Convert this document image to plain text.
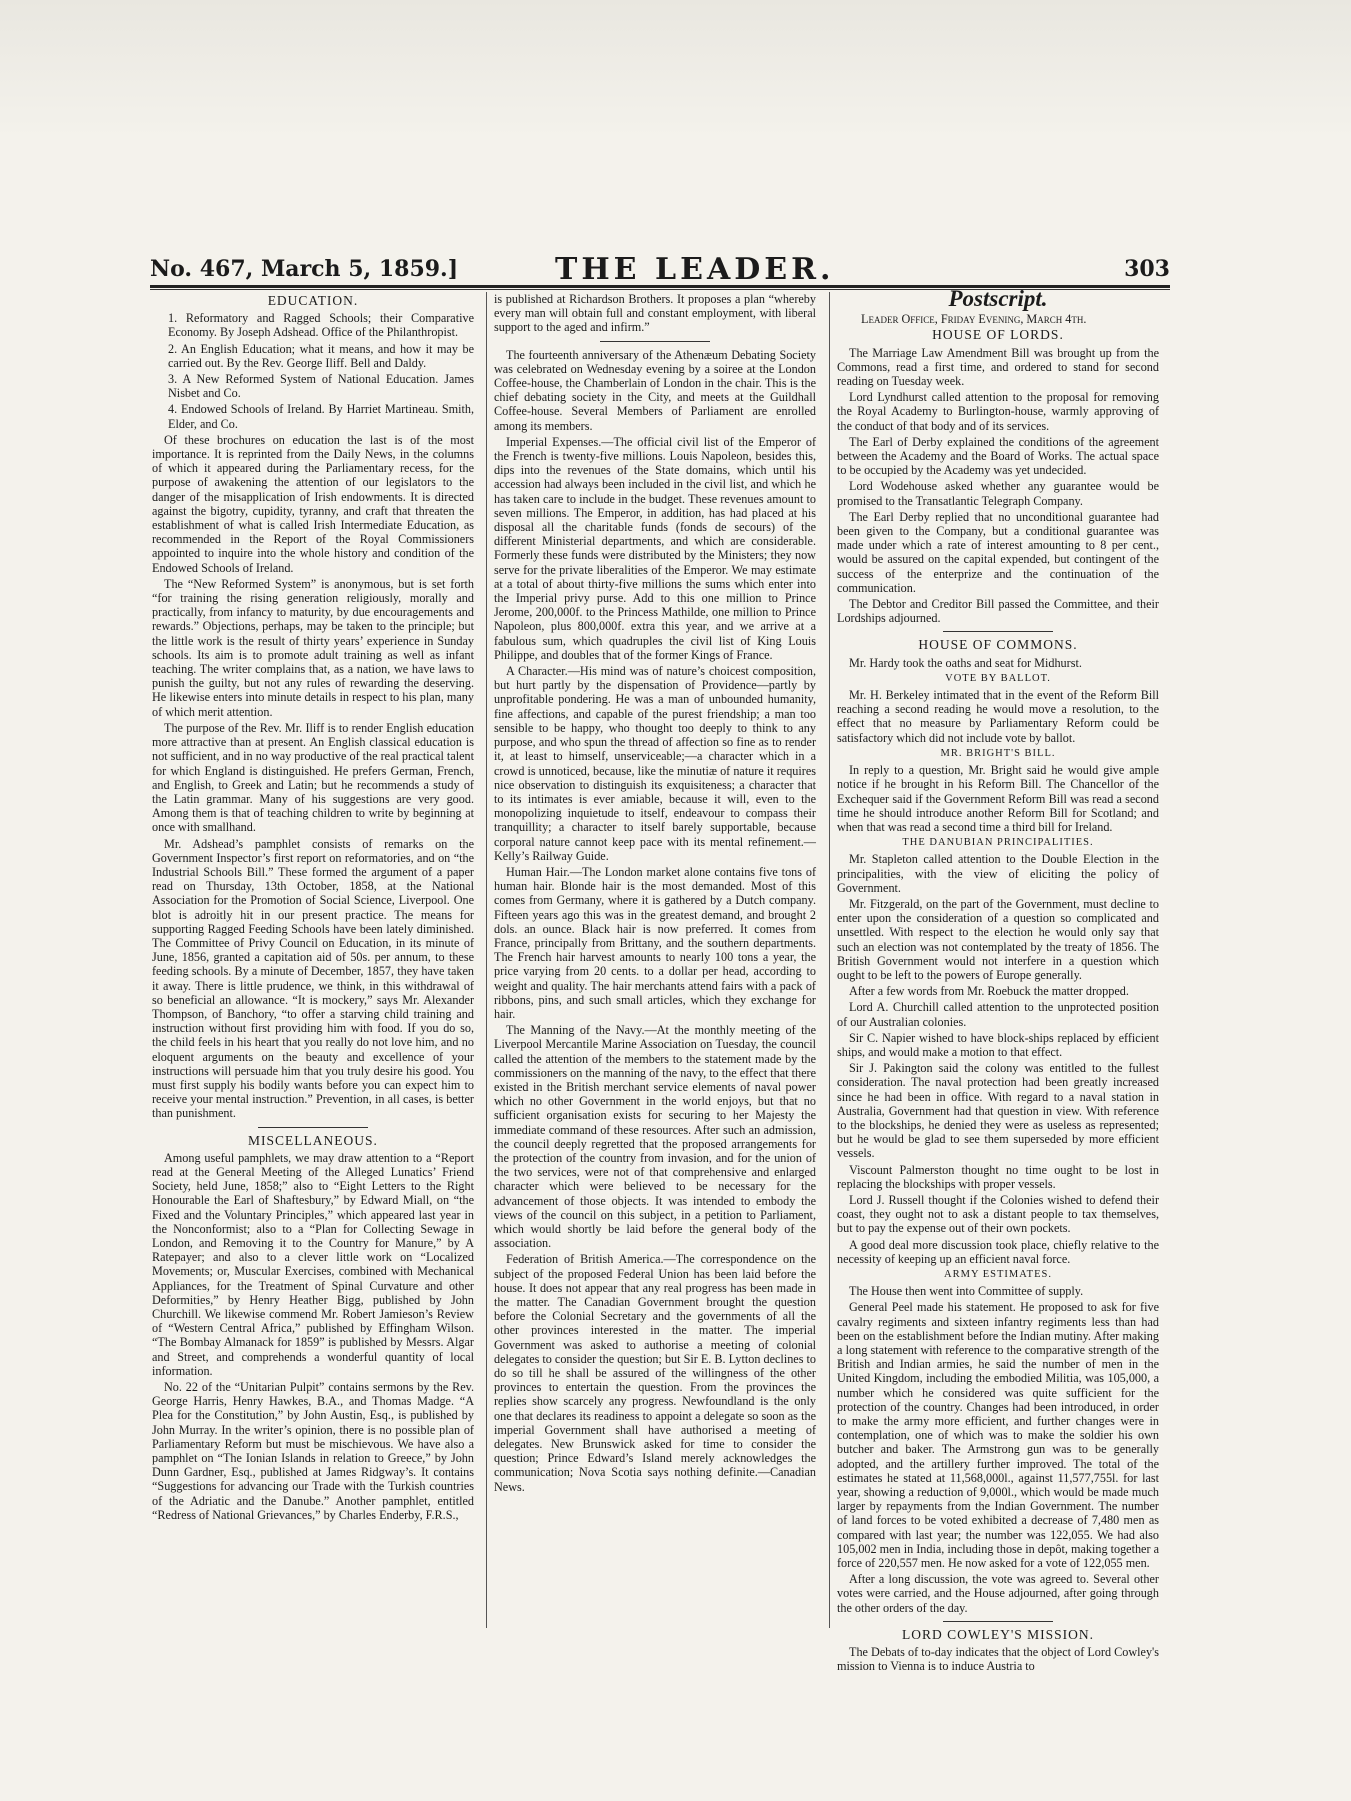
No. 467, March 5, 1859.]	THE LEADER.	303
EDUCATION.

1. Reformatory and Ragged Schools; their Comparative Economy. By Joseph Adshead. Office of the Philanthropist.

2. An English Education; what it means, and how it may be carried out. By the Rev. George Iliff. Bell and Daldy.

3. A New Reformed System of National Education. James Nisbet and Co.

4. Endowed Schools of Ireland. By Harriet Martineau. Smith, Elder, and Co.

Of these brochures on education the last is of the most importance. It is reprinted from the Daily News, in the columns of which it appeared during the Parliamentary recess, for the purpose of awakening the attention of our legislators to the danger of the misapplication of Irish endowments. It is directed against the bigotry, cupidity, tyranny, and craft that threaten the establishment of what is called Irish Intermediate Education, as recommended in the Report of the Royal Commissioners appointed to inquire into the whole history and condition of the Endowed Schools of Ireland.

The “New Reformed System” is anonymous, but is set forth “for training the rising generation religiously, morally and practically, from infancy to maturity, by due encouragements and rewards.” Objections, perhaps, may be taken to the principle; but the little work is the result of thirty years’ experience in Sunday schools. Its aim is to promote adult training as well as infant teaching. The writer complains that, as a nation, we have laws to punish the guilty, but not any rules of rewarding the deserving. He likewise enters into minute details in respect to his plan, many of which merit attention.

The purpose of the Rev. Mr. Iliff is to render English education more attractive than at present. An English classical education is not sufficient, and in no way productive of the real practical talent for which England is distinguished. He prefers German, French, and English, to Greek and Latin; but he recommends a study of the Latin grammar. Many of his suggestions are very good. Among them is that of teaching children to write by beginning at once with smallhand.

Mr. Adshead’s pamphlet consists of remarks on the Government Inspector’s first report on reformatories, and on “the Industrial Schools Bill.” These formed the argument of a paper read on Thursday, 13th October, 1858, at the National Association for the Promotion of Social Science, Liverpool. One blot is adroitly hit in our present practice. The means for supporting Ragged Feeding Schools have been lately diminished. The Committee of Privy Council on Education, in its minute of June, 1856, granted a capitation aid of 50s. per annum, to these feeding schools. By a minute of December, 1857, they have taken it away. There is little prudence, we think, in this withdrawal of so beneficial an allowance. “It is mockery,” says Mr. Alexander Thompson, of Banchory, “to offer a starving child training and instruction without first providing him with food. If you do so, the child feels in his heart that you really do not love him, and no eloquent arguments on the beauty and excellence of your instructions will persuade him that you truly desire his good. You must first supply his bodily wants before you can expect him to receive your mental instruction.” Prevention, in all cases, is better than punishment.

MISCELLANEOUS.

Among useful pamphlets, we may draw attention to a “Report read at the General Meeting of the Alleged Lunatics’ Friend Society, held June, 1858;” also to “Eight Letters to the Right Honourable the Earl of Shaftesbury,” by Edward Miall, on “the Fixed and the Voluntary Principles,” which appeared last year in the Nonconformist; also to a “Plan for Collecting Sewage in London, and Removing it to the Country for Manure,” by A Ratepayer; and also to a clever little work on “Localized Movements; or, Muscular Exercises, combined with Mechanical Appliances, for the Treatment of Spinal Curvature and other Deformities,” by Henry Heather Bigg, published by John Churchill. We likewise commend Mr. Robert Jamieson’s Review of “Western Central Africa,” published by Effingham Wilson. “The Bombay Almanack for 1859” is published by Messrs. Algar and Street, and comprehends a wonderful quantity of local information.

No. 22 of the “Unitarian Pulpit” contains sermons by the Rev. George Harris, Henry Hawkes, B.A., and Thomas Madge. “A Plea for the Constitution,” by John Austin, Esq., is published by John Murray. In the writer’s opinion, there is no possible plan of Parliamentary Reform but must be mischievous. We have also a pamphlet on “The Ionian Islands in relation to Greece,” by John Dunn Gardner, Esq., published at James Ridgway’s. It contains “Suggestions for advancing our Trade with the Turkish countries of the Adriatic and the Danube.” Another pamphlet, entitled “Redress of National Grievances,” by Charles Enderby, F.R.S.,

is published at Richardson Brothers. It proposes a plan “whereby every man will obtain full and constant employment, with liberal support to the aged and infirm.”

The fourteenth anniversary of the Athenæum Debating Society was celebrated on Wednesday evening by a soiree at the London Coffee-house, the Chamberlain of London in the chair. This is the chief debating society in the City, and meets at the Guildhall Coffee-house. Several Members of Parliament are enrolled among its members.

Imperial Expenses.—The official civil list of the Emperor of the French is twenty-five millions. Louis Napoleon, besides this, dips into the revenues of the State domains, which until his accession had always been included in the civil list, and which he has taken care to include in the budget. These revenues amount to seven millions. The Emperor, in addition, has had placed at his disposal all the charitable funds (fonds de secours) of the different Ministerial departments, and which are considerable. Formerly these funds were distributed by the Ministers; they now serve for the private liberalities of the Emperor. We may estimate at a total of about thirty-five millions the sums which enter into the Imperial privy purse. Add to this one million to Prince Jerome, 200,000f. to the Princess Mathilde, one million to Prince Napoleon, plus 800,000f. extra this year, and we arrive at a fabulous sum, which quadruples the civil list of King Louis Philippe, and doubles that of the former Kings of France.

A Character.—His mind was of nature’s choicest composition, but hurt partly by the dispensation of Providence—partly by unprofitable pondering. He was a man of unbounded humanity, fine affections, and capable of the purest friendship; a man too sensible to be happy, who thought too deeply to think to any purpose, and who spun the thread of affection so fine as to render it, at least to himself, unserviceable;—a character which in a crowd is unnoticed, because, like the minutiæ of nature it requires nice observation to distinguish its exquisiteness; a character that to its intimates is ever amiable, because it will, even to the monopolizing inquietude to itself, endeavour to compass their tranquillity; a character to itself barely supportable, because corporal nature cannot keep pace with its mental refinement.—Kelly’s Railway Guide.

Human Hair.—The London market alone contains five tons of human hair. Blonde hair is the most demanded. Most of this comes from Germany, where it is gathered by a Dutch company. Fifteen years ago this was in the greatest demand, and brought 2 dols. an ounce. Black hair is now preferred. It comes from France, principally from Brittany, and the southern departments. The French hair harvest amounts to nearly 100 tons a year, the price varying from 20 cents. to a dollar per head, according to weight and quality. The hair merchants attend fairs with a pack of ribbons, pins, and such small articles, which they exchange for hair.

The Manning of the Navy.—At the monthly meeting of the Liverpool Mercantile Marine Association on Tuesday, the council called the attention of the members to the statement made by the commissioners on the manning of the navy, to the effect that there existed in the British merchant service elements of naval power which no other Government in the world enjoys, but that no sufficient organisation exists for securing to her Majesty the immediate command of these resources. After such an admission, the council deeply regretted that the proposed arrangements for the protection of the country from invasion, and for the union of the two services, were not of that comprehensive and enlarged character which were believed to be necessary for the advancement of those objects. It was intended to embody the views of the council on this subject, in a petition to Parliament, which would shortly be laid before the general body of the association.

Federation of British America.—The correspondence on the subject of the proposed Federal Union has been laid before the house. It does not appear that any real progress has been made in the matter. The Canadian Government brought the question before the Colonial Secretary and the governments of all the other provinces interested in the matter. The imperial Government was asked to authorise a meeting of colonial delegates to consider the question; but Sir E. B. Lytton declines to do so till he shall be assured of the willingness of the other provinces to entertain the question. From the provinces the replies show scarcely any progress. Newfoundland is the only one that declares its readiness to appoint a delegate so soon as the imperial Government shall have authorised a meeting of delegates. New Brunswick asked for time to consider the question; Prince Edward’s Island merely acknowledges the communication; Nova Scotia says nothing definite.—Canadian News.

Postscript.

Leader Office, Friday Evening, March 4th.

HOUSE OF LORDS.

The Marriage Law Amendment Bill was brought up from the Commons, read a first time, and ordered to stand for second reading on Tuesday week.

Lord Lyndhurst called attention to the proposal for removing the Royal Academy to Burlington-house, warmly approving of the conduct of that body and of its services.

The Earl of Derby explained the conditions of the agreement between the Academy and the Board of Works. The actual space to be occupied by the Academy was yet undecided.

Lord Wodehouse asked whether any guarantee would be promised to the Transatlantic Telegraph Company.

The Earl Derby replied that no unconditional guarantee had been given to the Company, but a conditional guarantee was made under which a rate of interest amounting to 8 per cent., would be assured on the capital expended, but contingent of the success of the enterprize and the continuation of the communication.

The Debtor and Creditor Bill passed the Committee, and their Lordships adjourned.

HOUSE OF COMMONS.

Mr. Hardy took the oaths and seat for Midhurst.

VOTE BY BALLOT.

Mr. H. Berkeley intimated that in the event of the Reform Bill reaching a second reading he would move a resolution, to the effect that no measure by Parliamentary Reform could be satisfactory which did not include vote by ballot.

MR. BRIGHT'S BILL.

In reply to a question, Mr. Bright said he would give ample notice if he brought in his Reform Bill. The Chancellor of the Exchequer said if the Government Reform Bill was read a second time he should introduce another Reform Bill for Scotland; and when that was read a second time a third bill for Ireland.

THE DANUBIAN PRINCIPALITIES.

Mr. Stapleton called attention to the Double Election in the principalities, with the view of eliciting the policy of Government.

Mr. Fitzgerald, on the part of the Government, must decline to enter upon the consideration of a question so complicated and unsettled. With respect to the election he would only say that such an election was not contemplated by the treaty of 1856. The British Government would not interfere in a question which ought to be left to the powers of Europe generally.

After a few words from Mr. Roebuck the matter dropped.

Lord A. Churchill called attention to the unprotected position of our Australian colonies.

Sir C. Napier wished to have block-ships replaced by efficient ships, and would make a motion to that effect.

Sir J. Pakington said the colony was entitled to the fullest consideration. The naval protection had been greatly increased since he had been in office. With regard to a naval station in Australia, Government had that question in view. With reference to the blockships, he denied they were as useless as represented; but he would be glad to see them superseded by more efficient vessels.

Viscount Palmerston thought no time ought to be lost in replacing the blockships with proper vessels.

Lord J. Russell thought if the Colonies wished to defend their coast, they ought not to ask a distant people to tax themselves, but to pay the expense out of their own pockets.

A good deal more discussion took place, chiefly relative to the necessity of keeping up an efficient naval force.

ARMY ESTIMATES.

The House then went into Committee of supply.

General Peel made his statement. He proposed to ask for five cavalry regiments and sixteen infantry regiments less than had been on the establishment before the Indian mutiny. After making a long statement with reference to the comparative strength of the British and Indian armies, he said the number of men in the United Kingdom, including the embodied Militia, was 105,000, a number which he considered was quite sufficient for the protection of the country. Changes had been introduced, in order to make the army more efficient, and further changes were in contemplation, one of which was to make the soldier his own butcher and baker. The Armstrong gun was to be generally adopted, and the artillery further improved. The total of the estimates he stated at 11,568,000l., against 11,577,755l. for last year, showing a reduction of 9,000l., which would be made much larger by repayments from the Indian Government. The number of land forces to be voted exhibited a decrease of 7,480 men as compared with last year; the number was 122,055. We had also 105,002 men in India, including those in depôt, making together a force of 220,557 men. He now asked for a vote of 122,055 men.

After a long discussion, the vote was agreed to. Several other votes were carried, and the House adjourned, after going through the other orders of the day.

LORD COWLEY'S MISSION.

The Debats of to-day indicates that the object of Lord Cowley's mission to Vienna is to induce Austria to
